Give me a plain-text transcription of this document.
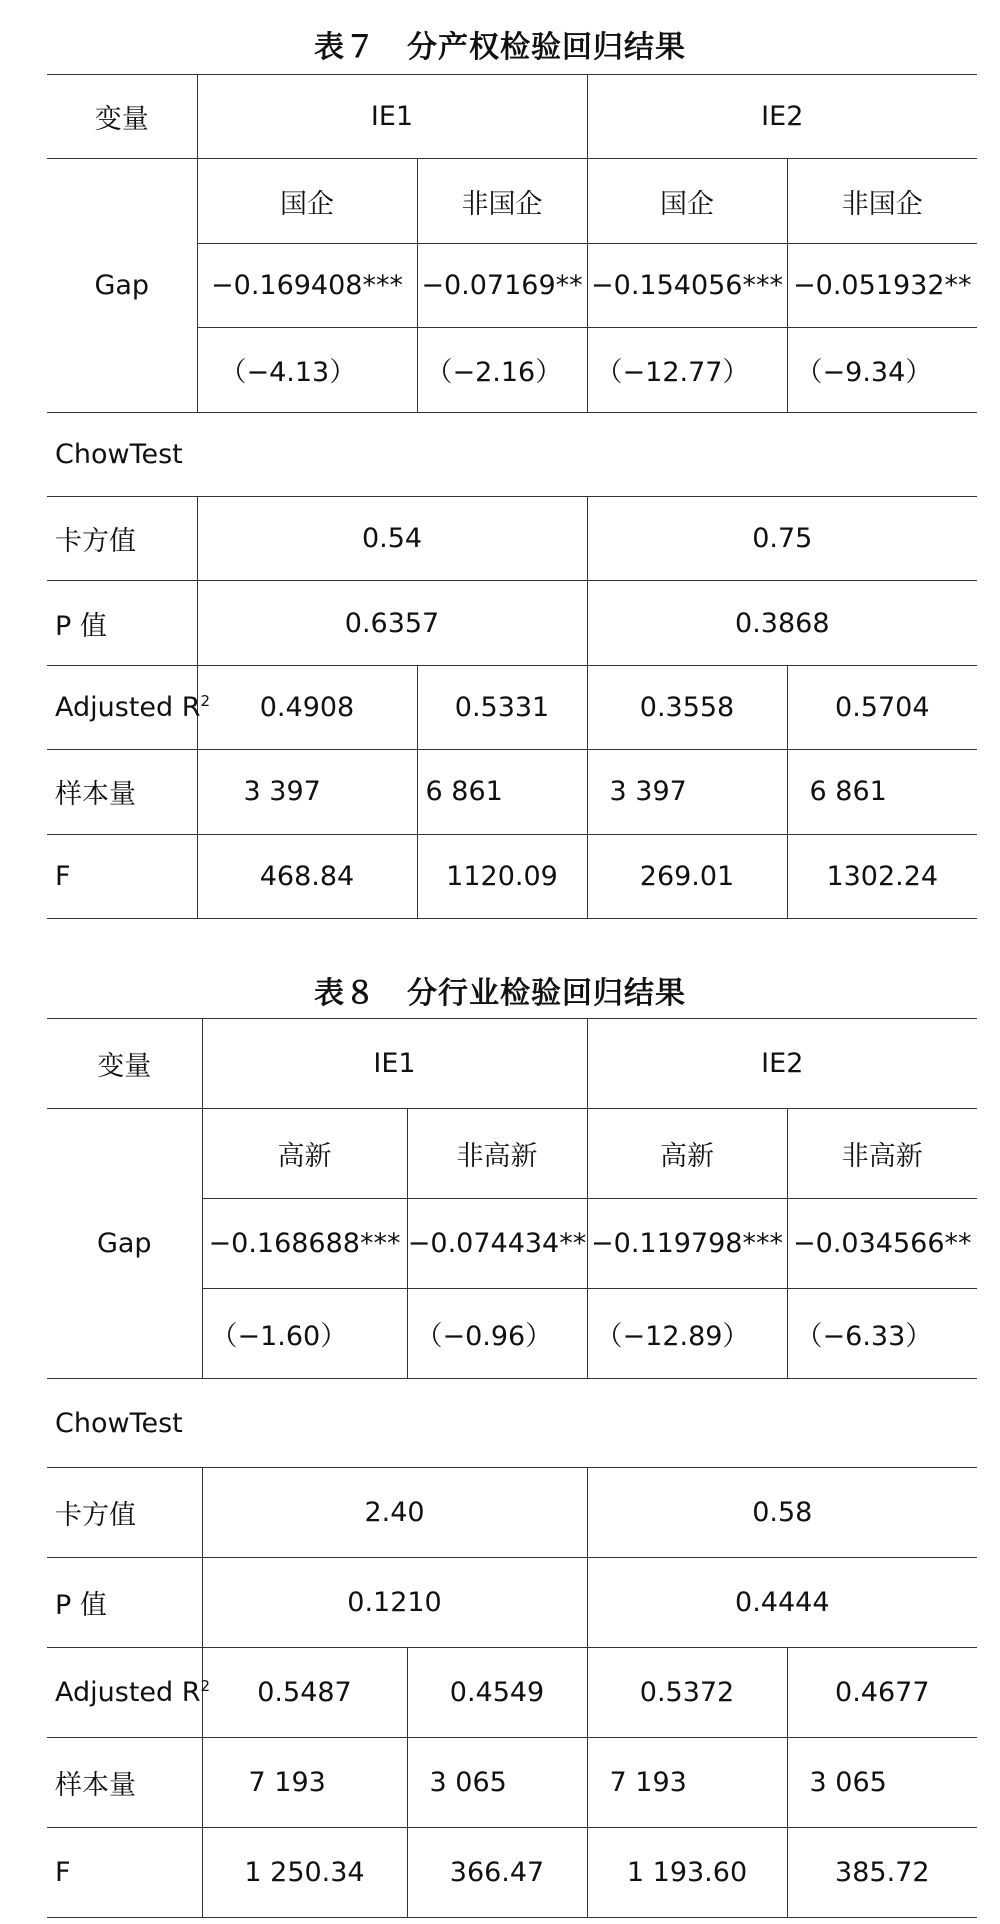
表７　分产权检验回归结果
变量	IE1		IE2	
Gap	国企	非国企	国企	非国企
	−0.169408***	−0.07169**	−0.154056***	−0.051932**
	（−4.13）	（−2.16）	（−12.77）	（−9.34）
ChowTest				
卡方值	0.54		0.75	
P 值	0.6357		0.3868	
Adjusted $R^2$	0.4908	0.5331	0.3558	0.5704
样本量	3 397	6 861	3 397	6 861
F	468.84	1120.09	269.01	1302.24
表８　分行业检验回归结果
变量	IE1		IE2	
Gap	高新	非高新	高新	非高新
	−0.168688***	−0.074434**	−0.119798***	−0.034566**
	（−1.60）	（−0.96）	（−12.89）	（−6.33）
ChowTest				
卡方值	2.40		0.58	
P 值	0.1210		0.4444	
Adjusted $R^2$	0.5487	0.4549	0.5372	0.4677
样本量	7 193	3 065	7 193	3 065
F	1 250.34	366.47	1 193.60	385.72
